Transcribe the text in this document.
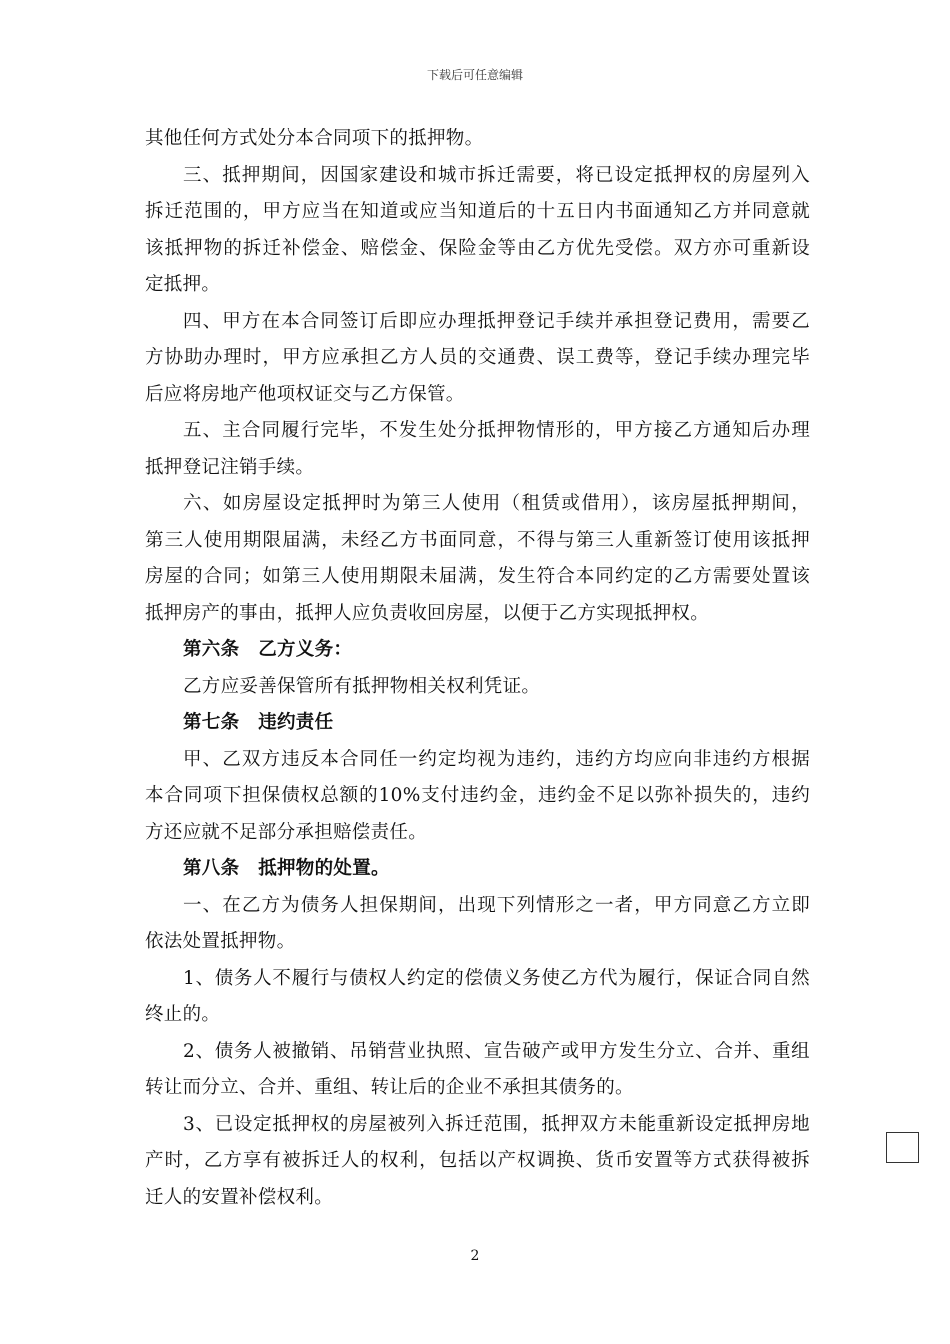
下载后可任意编辑
其他任何方式处分本合同项下的抵押物。
三、抵押期间，因国家建设和城市拆迁需要，将已设定抵押权的房屋列入
拆迁范围的，甲方应当在知道或应当知道后的十五日内书面通知乙方并同意就
该抵押物的拆迁补偿金、赔偿金、保险金等由乙方优先受偿。双方亦可重新设
定抵押。
四、甲方在本合同签订后即应办理抵押登记手续并承担登记费用，需要乙
方协助办理时，甲方应承担乙方人员的交通费、误工费等，登记手续办理完毕
后应将房地产他项权证交与乙方保管。
五、主合同履行完毕，不发生处分抵押物情形的，甲方接乙方通知后办理
抵押登记注销手续。
六、如房屋设定抵押时为第三人使用（租赁或借用），该房屋抵押期间，
第三人使用期限届满，未经乙方书面同意，不得与第三人重新签订使用该抵押
房屋的合同；如第三人使用期限未届满，发生符合本同约定的乙方需要处置该
抵押房产的事由，抵押人应负责收回房屋，以便于乙方实现抵押权。
第六条　乙方义务：
乙方应妥善保管所有抵押物相关权利凭证。
第七条　违约责任
甲、乙双方违反本合同任一约定均视为违约，违约方均应向非违约方根据
本合同项下担保债权总额的10%支付违约金，违约金不足以弥补损失的，违约
方还应就不足部分承担赔偿责任。
第八条　抵押物的处置。
一、在乙方为债务人担保期间，出现下列情形之一者，甲方同意乙方立即
依法处置抵押物。
1、债务人不履行与债权人约定的偿债义务使乙方代为履行，保证合同自然
终止的。
2、债务人被撤销、吊销营业执照、宣告破产或甲方发生分立、合并、重组
转让而分立、合并、重组、转让后的企业不承担其债务的。
3、已设定抵押权的房屋被列入拆迁范围，抵押双方未能重新设定抵押房地
产时，乙方享有被拆迁人的权利，包括以产权调换、货币安置等方式获得被拆
迁人的安置补偿权利。
2
